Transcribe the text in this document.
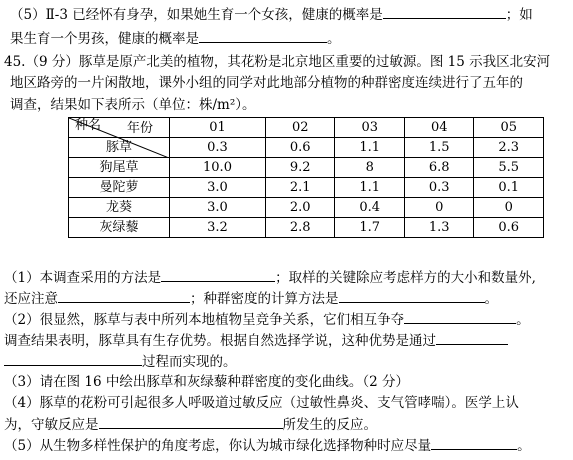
（5）Ⅱ-3 已经怀有身孕，如果她生育一个女孩，健康的概率是	；如
果生育一个男孩，健康的概率是	。
45.（9 分）豚草是原产北美的植物，其花粉是北京地区重要的过敏源。图 15 示我区北安河
地区路旁的一片闲散地，课外小组的同学对此地部分植物的种群密度连续进行了五年的
调查，结果如下表所示（单位：株/m²）。
年份
种名	01	02	03	04	05
豚草	0.3	0.6	1.1	1.5	2.3
狗尾草	10.0	9.2	8	6.8	5.5
曼陀萝	3.0	2.1	1.1	0.3	0.1
龙葵	3.0	2.0	0.4	0	0
灰绿藜	3.2	2.8	1.7	1.3	0.6
（1）本调查采用的方法是	；取样的关键除应考虑样方的大小和数量外,
还应注意	；种群密度的计算方法是	。
（2）很显然，豚草与表中所列本地植物呈竞争关系，它们相互争夺	。
调查结果表明，豚草具有生存优势。根据自然选择学说，这种优势是通过
过程而实现的。
（3）请在图 16 中绘出豚草和灰绿藜种群密度的变化曲线。（2 分）
（4）豚草的花粉可引起很多人呼吸道过敏反应（过敏性鼻炎、支气管哮喘）。医学上认
为，守敏反应是	所发生的反应。
（5）从生物多样性保护的角度考虑，你认为城市绿化选择物种时应尽量	。
